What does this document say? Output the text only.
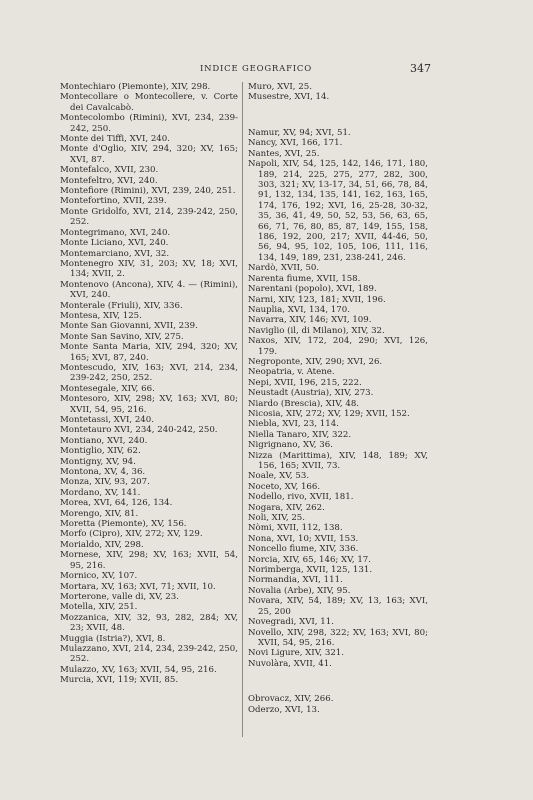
INDICE GEOGRAFICO	347

Montechiaro (Piemonte), XIV, 298.

Montecollare o Montecollere, v. Corte dei Cavalcabò.

Montecolombo (Rimini), XVI, 234, 239-242, 250.

Monte dei Tiffi, XVI, 240.

Monte d'Oglio, XIV, 294, 320; XV, 165; XVI, 87.

Montefalco, XVII, 230.

Montefeltro, XVI, 240.

Montefiore (Rimini), XVI, 239, 240, 251.

Montefortino, XVII, 239.

Monte Gridolfo, XVI, 214, 239-242, 250, 252.

Montegrimano, XVI, 240.

Monte Liciano, XVI, 240.

Montemarciano, XVI, 32.

Montenegro XIV, 31, 203; XV, 18; XVI, 134; XVII, 2.

Montenovo (Ancona), XIV, 4. — (Rimini), XVI, 240.

Monterale (Friuli), XIV, 336.

Montesa, XIV, 125.

Monte San Giovanni, XVII, 239.

Monte San Savino, XIV, 275.

Monte Santa Maria, XIV, 294, 320; XV, 165; XVI, 87, 240.

Montescudo, XIV, 163; XVI, 214, 234, 239-242, 250, 252.

Montesegale, XIV, 66.

Montesoro, XIV, 298; XV, 163; XVI, 80; XVII, 54, 95, 216.

Montetassi, XVI, 240.

Montetauro XVI, 234, 240-242, 250.

Montiano, XVI, 240.

Montiglio, XIV, 62.

Montigny, XV, 94.

Montona, XV, 4, 36.

Monza, XIV, 93, 207.

Mordano, XV, 141.

Morea, XVI, 64, 126, 134.

Morengo, XIV, 81.

Moretta (Piemonte), XV, 156.

Morfo (Cipro), XIV, 272; XV, 129.

Morialdo, XIV, 298.

Mornese, XIV, 298; XV, 163; XVII, 54, 95, 216.

Mornico, XV, 107.

Mortara, XV, 163; XVI, 71; XVII, 10.

Morterone, valle di, XV, 23.

Motella, XIV, 251.

Mozzanica, XIV, 32, 93, 282, 284; XV, 23; XVII, 48.

Muggia (Istria?), XVI, 8.

Mulazzano, XVI, 214, 234, 239-242, 250, 252.

Mulazzo, XV, 163; XVII, 54, 95, 216.

Murcia, XVI, 119; XVII, 85.

Muro, XVI, 25.

Musestre, XVI, 14.

Namur, XV, 94; XVI, 51.

Nancy, XVI, 166, 171.

Nantes, XVI, 25.

Napoli, XIV, 54, 125, 142, 146, 171, 180, 189, 214, 225, 275, 277, 282, 300, 303, 321; XV, 13-17, 34, 51, 66, 78, 84, 91, 132, 134, 135, 141, 162, 163, 165, 174, 176, 192; XVI, 16, 25-28, 30-32, 35, 36, 41, 49, 50, 52, 53, 56, 63, 65, 66, 71, 76, 80, 85, 87, 149, 155, 158, 186, 192, 200, 217; XVII, 44-46, 50, 56, 94, 95, 102, 105, 106, 111, 116, 134, 149, 189, 231, 238-241, 246.

Nardò, XVII, 50.

Narenta fiume, XVII, 158.

Narentani (popolo), XVI, 189.

Narni, XIV, 123, 181; XVII, 196.

Nauplia, XVI, 134, 170.

Navarra, XIV, 146; XVI, 109.

Naviglio (il, di Milano), XIV, 32.

Naxos, XIV, 172, 204, 290; XVI, 126, 179.

Negroponte, XIV, 290; XVI, 26.

Neopatria, v. Atene.

Nepi, XVII, 196, 215, 222.

Neustadt (Austria), XIV, 273.

Niardo (Brescia), XIV, 48.

Nicosia, XIV, 272; XV, 129; XVII, 152.

Niebla, XVI, 23, 114.

Niella Tanaro, XIV, 322.

Nigrignano, XV, 36.

Nizza (Marittima), XIV, 148, 189; XV, 156, 165; XVII, 73.

Noale, XV, 53.

Noceto, XV, 166.

Nodello, rivo, XVII, 181.

Nogara, XIV, 262.

Noli, XIV, 25.

Nòmi, XVII, 112, 138.

Nona, XVI, 10; XVII, 153.

Noncello fiume, XIV, 336.

Norcia, XIV, 65, 146; XV, 17.

Norimberga, XVII, 125, 131.

Normandia, XVI, 111.

Novalia (Arbe), XIV, 95.

Novara, XIV, 54, 189; XV, 13, 163; XVI, 25, 200

Novegradi, XVI, 11.

Novello, XIV, 298, 322; XV, 163; XVI, 80; XVII, 54, 95, 216.

Novi Ligure, XIV, 321.

Nuvolàra, XVII, 41.

Obrovacz, XIV, 266.

Oderzo, XVI, 13.
